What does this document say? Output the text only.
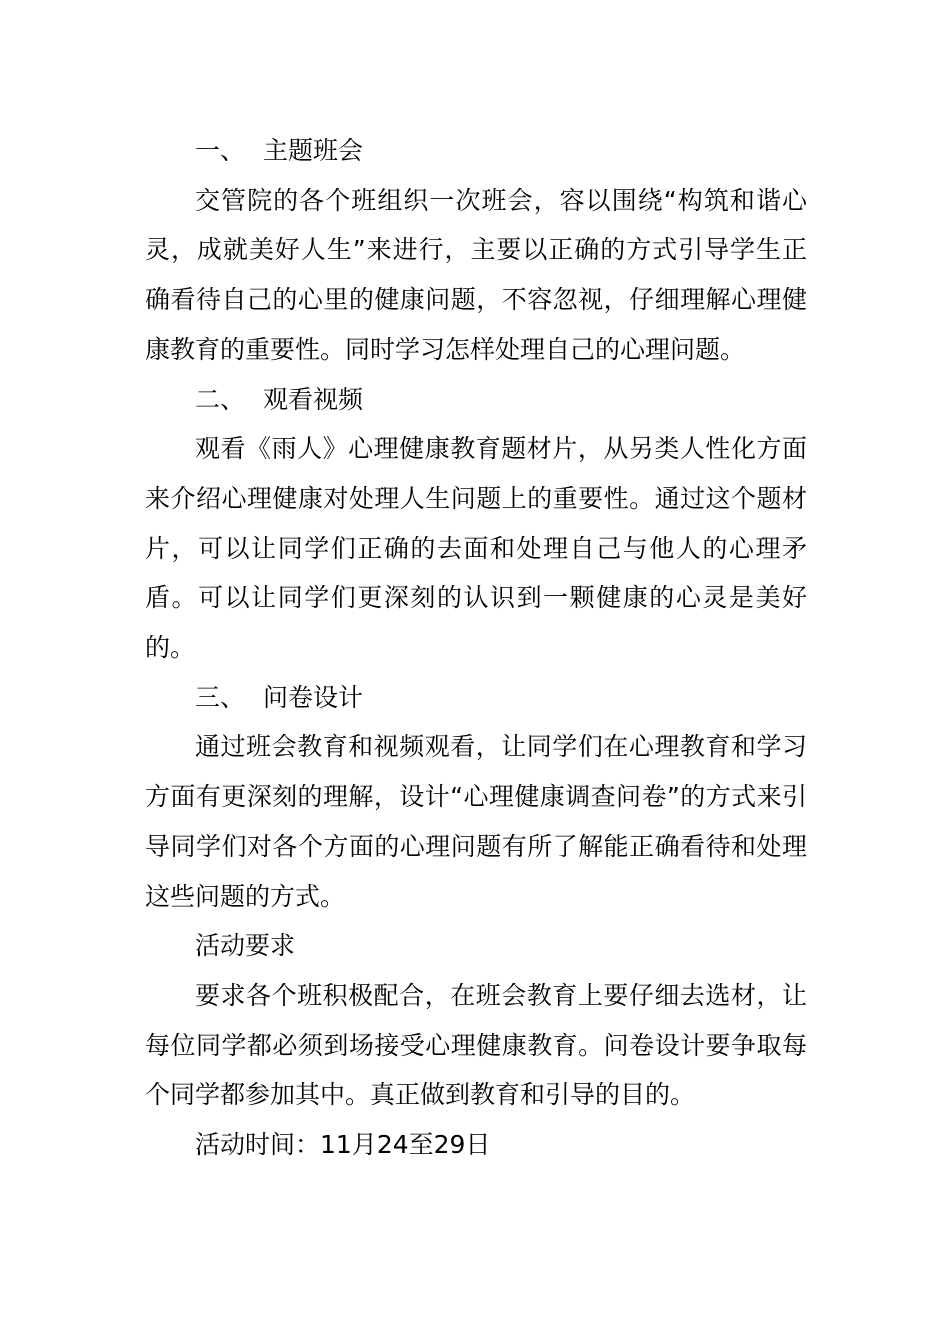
一、 主题班会

交管院的各个班组织一次班会，容以围绕“构筑和谐心灵，成就美好人生”来进行，主要以正确的方式引导学生正确看待自己的心里的健康问题，不容忽视，仔细理解心理健康教育的重要性。同时学习怎样处理自己的心理问题。

二、 观看视频

观看《雨人》心理健康教育题材片，从另类人性化方面来介绍心理健康对处理人生问题上的重要性。通过这个题材片，可以让同学们正确的去面和处理自己与他人的心理矛盾。可以让同学们更深刻的认识到一颗健康的心灵是美好的。

三、 问卷设计

通过班会教育和视频观看，让同学们在心理教育和学习方面有更深刻的理解，设计“心理健康调查问卷”的方式来引导同学们对各个方面的心理问题有所了解能正确看待和处理这些问题的方式。

活动要求

要求各个班积极配合，在班会教育上要仔细去选材，让每位同学都必须到场接受心理健康教育。问卷设计要争取每个同学都参加其中。真正做到教育和引导的目的。

活动时间：11月24至29日
